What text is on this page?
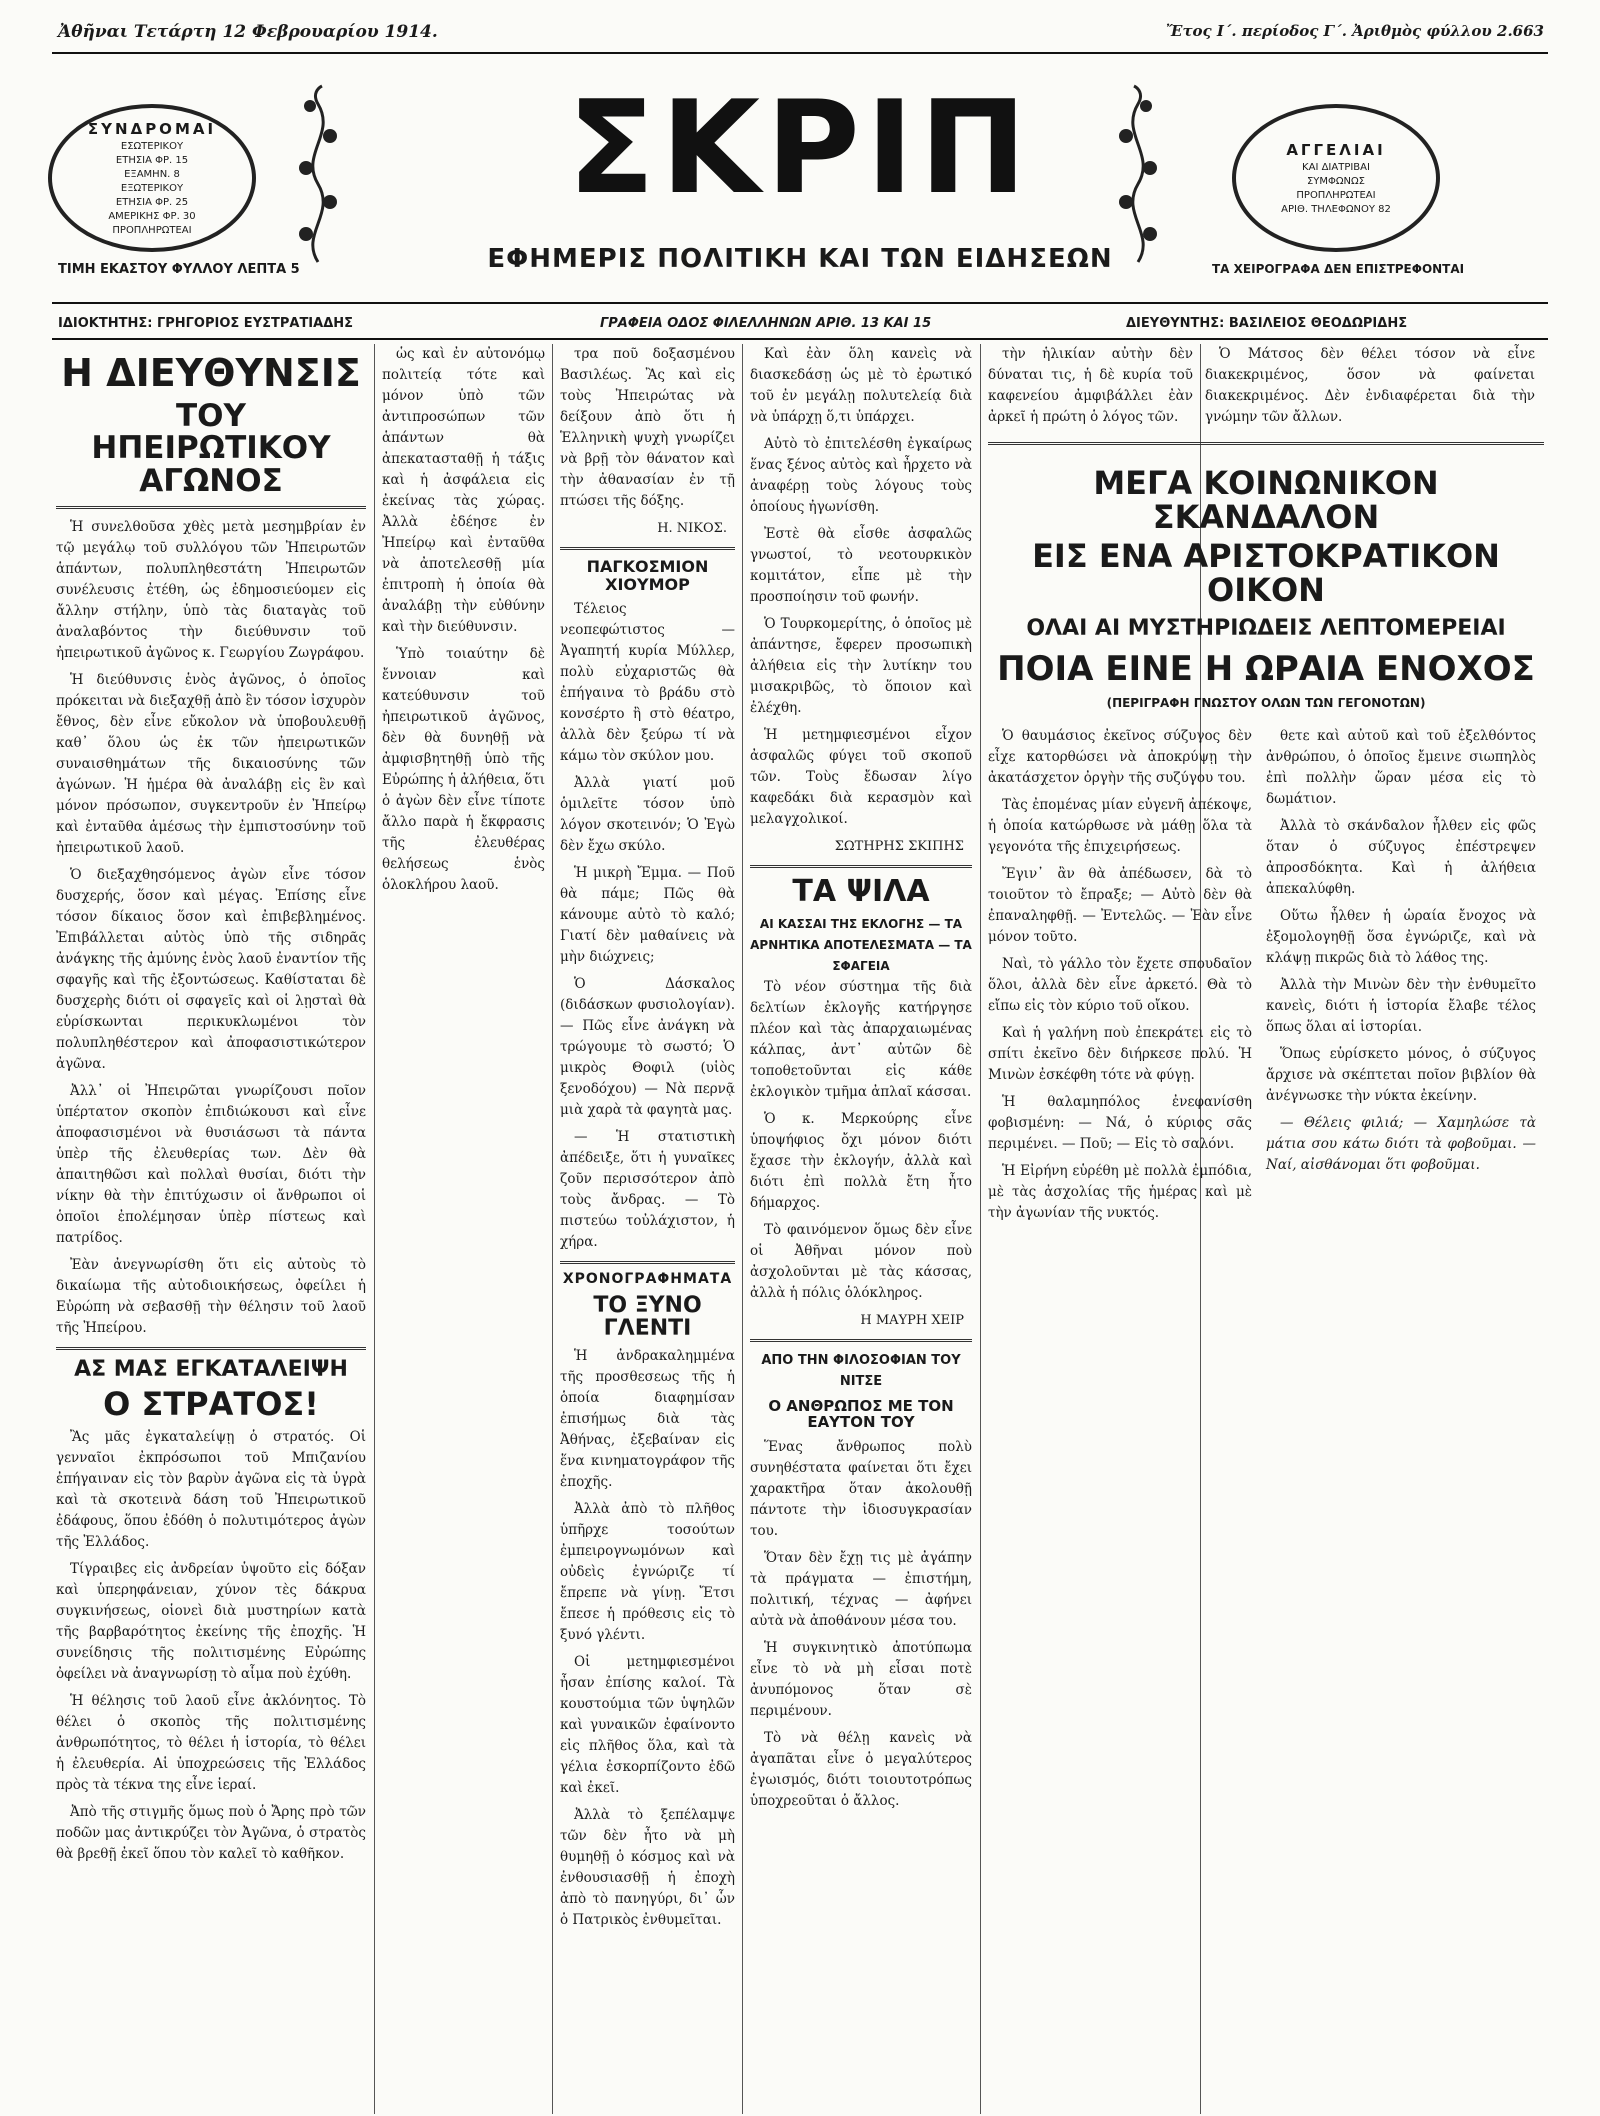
Ἀθῆναι Τετάρτη 12 Φεβρουαρίου 1914.	Ἔτος Ι΄. περίοδος Γ΄. Ἀριθμὸς φύλλου 2.663
ΣΥΝΔΡΟΜΑΙ
ΕΣΩΤΕΡΙΚΟΥ
ΕΤΗΣΙΑ ΦΡ. 15
ΕΞΑΜΗΝ. 8
ΕΞΩΤΕΡΙΚΟΥ
ΕΤΗΣΙΑ ΦΡ. 25
ΑΜΕΡΙΚΗΣ ΦΡ. 30
ΠΡΟΠΛΗΡΩΤΕΑΙ
ΣΚΡΙΠ
ΕΦΗΜΕΡΙΣ ΠΟΛΙΤΙΚΗ ΚΑΙ ΤΩΝ ΕΙΔΗΣΕΩΝ
ΑΓΓΕΛΙΑΙ
ΚΑΙ ΔΙΑΤΡΙΒΑΙ
ΣΥΜΦΩΝΩΣ
ΠΡΟΠΛΗΡΩΤΕΑΙ
ΑΡΙΘ. ΤΗΛΕΦΩΝΟΥ 82
ΤΙΜΗ ΕΚΑΣΤΟΥ ΦΥΛΛΟΥ ΛΕΠΤΑ 5	ΤΑ ΧΕΙΡΟΓΡΑΦΑ ΔΕΝ ΕΠΙΣΤΡΕΦΟΝΤΑΙ
ΙΔΙΟΚΤΗΤΗΣ: ΓΡΗΓΟΡΙΟΣ ΕΥΣΤΡΑΤΙΑΔΗΣ	ΓΡΑΦΕΙΑ ΟΔΟΣ ΦΙΛΕΛΛΗΝΩΝ ΑΡΙΘ. 13 ΚΑΙ 15	ΔΙΕΥΘΥΝΤΗΣ: ΒΑΣΙΛΕΙΟΣ ΘΕΟΔΩΡΙΔΗΣ
Η ΔΙΕΥΘΥΝΣΙΣ
ΤΟΥ ΗΠΕΙΡΩΤΙΚΟΥ ΑΓΩΝΟΣ

Ἡ συνελθοῦσα χθὲς μετὰ μεσημβρίαν ἐν τῷ μεγάλῳ τοῦ συλλόγου τῶν Ἠπειρωτῶν ἁπάντων, πολυπληθεστάτη Ἠπειρωτῶν συνέλευσις ἐτέθη, ὡς ἐδημοσιεύομεν εἰς ἄλλην στήλην, ὑπὸ τὰς διαταγὰς τοῦ ἀναλαβόντος τὴν διεύθυνσιν τοῦ ἠπειρωτικοῦ ἀγῶνος κ. Γεωργίου Ζωγράφου.

Ἡ διεύθυνσις ἑνὸς ἀγῶνος, ὁ ὁποῖος πρόκειται νὰ διεξαχθῇ ἀπὸ ἓν τόσον ἰσχυρὸν ἔθνος, δὲν εἶνε εὔκολον νὰ ὑποβουλευθῇ καθ᾿ ὅλου ὡς ἐκ τῶν ἠπειρωτικῶν συναισθημάτων τῆς δικαιοσύνης τῶν ἀγώνων. Ἡ ἡμέρα θὰ ἀναλάβῃ εἰς ἓν καὶ μόνον πρόσωπον, συγκεντροῦν ἐν Ἠπείρῳ καὶ ἐνταῦθα ἁμέσως τὴν ἐμπιστοσύνην τοῦ ἠπειρωτικοῦ λαοῦ.

Ὁ διεξαχθησόμενος ἀγὼν εἶνε τόσον δυσχερής, ὅσον καὶ μέγας. Ἐπίσης εἶνε τόσον δίκαιος ὅσον καὶ ἐπιβεβλημένος. Ἐπιβάλλεται αὐτὸς ὑπὸ τῆς σιδηρᾶς ἀνάγκης τῆς ἀμύνης ἑνὸς λαοῦ ἐναντίον τῆς σφαγῆς καὶ τῆς ἐξοντώσεως. Καθίσταται δὲ δυσχερὴς διότι οἱ σφαγεῖς καὶ οἱ λῃσταὶ θὰ εὑρίσκωνται περικυκλωμένοι τὸν πολυπληθέστερον καὶ ἀποφασιστικώτερον ἀγῶνα.

Ἀλλ᾿ οἱ Ἠπειρῶται γνωρίζουσι ποῖον ὑπέρτατον σκοπὸν ἐπιδιώκουσι καὶ εἶνε ἀποφασισμένοι νὰ θυσιάσωσι τὰ πάντα ὑπὲρ τῆς ἐλευθερίας των. Δὲν θὰ ἀπαιτηθῶσι καὶ πολλαὶ θυσίαι, διότι τὴν νίκην θὰ τὴν ἐπιτύχωσιν οἱ ἄνθρωποι οἱ ὁποῖοι ἐπολέμησαν ὑπὲρ πίστεως καὶ πατρίδος.

Ἐὰν ἀνεγνωρίσθη ὅτι εἰς αὐτοὺς τὸ δικαίωμα τῆς αὐτοδιοικήσεως, ὀφείλει ἡ Εὐρώπη νὰ σεβασθῇ τὴν θέλησιν τοῦ λαοῦ τῆς Ἠπείρου.

ΑΣ ΜΑΣ ΕΓΚΑΤΑΛΕΙΨΗ
Ο ΣΤΡΑΤΟΣ!

Ἂς μᾶς ἐγκαταλείψῃ ὁ στρατός. Οἱ γενναῖοι ἐκπρόσωποι τοῦ Μπιζανίου ἐπήγαιναν εἰς τὸν βαρὺν ἀγῶνα εἰς τὰ ὑγρὰ καὶ τὰ σκοτεινὰ δάση τοῦ Ἠπειρωτικοῦ ἐδάφους, ὅπου ἐδόθη ὁ πολυτιμότερος ἀγὼν τῆς Ἐλλάδος.

Τίγραιβες εἰς ἀνδρείαν ὑψοῦτο εἰς δόξαν καὶ ὑπερηφάνειαν, χύνον τὲς δάκρυα συγκινήσεως, οἱονεὶ διὰ μυστηρίων κατὰ τῆς βαρβαρότητος ἐκείνης τῆς ἐποχῆς. Ἡ συνείδησις τῆς πολιτισμένης Εὐρώπης ὀφείλει νὰ ἀναγνωρίσῃ τὸ αἷμα ποὺ ἐχύθη.

Ἡ θέλησις τοῦ λαοῦ εἶνε ἀκλόνητος. Τὸ θέλει ὁ σκοπὸς τῆς πολιτισμένης ἀνθρωπότητος, τὸ θέλει ἡ ἱστορία, τὸ θέλει ἡ ἐλευθερία. Αἱ ὑποχρεώσεις τῆς Ἐλλάδος πρὸς τὰ τέκνα της εἶνε ἱεραί.

Ἀπὸ τῆς στιγμῆς ὅμως ποὺ ὁ Ἄρης πρὸ τῶν ποδῶν μας ἀντικρύζει τὸν Ἀγῶνα, ὁ στρατὸς θὰ βρεθῇ ἐκεῖ ὅπου τὸν καλεῖ τὸ καθῆκον.

ὡς καὶ ἐν αὐτονόμῳ πολιτείᾳ τότε καὶ μόνον ὑπὸ τῶν ἀντιπροσώπων τῶν ἁπάντων θὰ ἀπεκατασταθῇ ἡ τάξις καὶ ἡ ἀσφάλεια εἰς ἐκείνας τὰς χώρας. Ἀλλὰ ἐδέησε ἐν Ἠπείρῳ καὶ ἐνταῦθα νὰ ἀποτελεσθῇ μία ἐπιτροπὴ ἡ ὁποία θὰ ἀναλάβῃ τὴν εὐθύνην καὶ τὴν διεύθυνσιν.

Ὑπὸ τοιαύτην δὲ ἔννοιαν καὶ κατεύθυνσιν τοῦ ἠπειρωτικοῦ ἀγῶνος, δὲν θὰ δυνηθῇ νὰ ἀμφισβητηθῇ ὑπὸ τῆς Εὐρώπης ἡ ἀλήθεια, ὅτι ὁ ἀγὼν δὲν εἶνε τίποτε ἄλλο παρὰ ἡ ἔκφρασις τῆς ἐλευθέρας θελήσεως ἑνὸς ὁλοκλήρου λαοῦ.

τρα ποῦ δοξασμένου Βασιλέως. Ἂς καὶ εἰς τοὺς Ἠπειρώτας νὰ δείξουν ἀπὸ ὅτι ἡ Ἑλληνικὴ ψυχὴ γνωρίζει νὰ βρῇ τὸν θάνατον καὶ τὴν ἀθανασίαν ἐν τῇ πτώσει τῆς δόξης.

Η. ΝΙΚΟΣ.
ΠΑΓΚΟΣΜΙΟΝ ΧΙΟΥΜΟΡ

Τέλειος νεοπεφώτιστος — Ἀγαπητή κυρία Μύλλερ, πολὺ εὐχαριστῶς θὰ ἐπήγαινα τὸ βράδυ στὸ κονσέρτο ἢ στὸ θέατρο, ἀλλὰ δὲν ξεύρω τί νὰ κάμω τὸν σκύλον μου.

Ἀλλὰ γιατί μοῦ ὁμιλεῖτε τόσον ὑπὸ λόγον σκοτεινόν; Ὁ Ἐγὼ δὲν ἔχω σκύλο.

Ἡ μικρὴ Ἔμμα. — Ποῦ θὰ πάμε; Πῶς θὰ κάνουμε αὐτὸ τὸ καλό; Γιατί δὲν μαθαίνεις νὰ μὴν διώχνεις;

Ὁ Δάσκαλος (διδάσκων φυσιολογίαν). — Πῶς εἶνε ἀνάγκη νὰ τρώγουμε τὸ σωστό; Ὁ μικρὸς Θοφιλ (υἱὸς ξενοδόχου) — Νὰ περνᾷ μιὰ χαρὰ τὰ φαγητὰ μας.

— Ἡ στατιστικὴ ἀπέδειξε, ὅτι ἡ γυναῖκες ζοῦν περισσότερον ἀπὸ τοὺς ἄνδρας. — Τὸ πιστεύω τοὐλάχιστον, ἡ χήρα.

ΧΡΟΝΟΓΡΑΦΗΜΑΤΑ
ΤΟ ΞΥΝΟ ΓΛΕΝΤΙ

Ἡ ἀνδρακαλημμένα τῆς προσθεσεως τῆς ἡ ὁποία διαφημίσαν ἐπισήμως διὰ τὰς Ἀθήνας, ἐξεβαίναν εἰς ἕνα κινηματογράφον τῆς ἐποχῆς.

Ἀλλὰ ἀπὸ τὸ πλῆθος ὑπῆρχε τοσούτων ἐμπειρογνωμόνων καὶ οὐδεὶς ἐγνώριζε τί ἔπρεπε νὰ γίνῃ. Ἔτσι ἔπεσε ἡ πρόθεσις εἰς τὸ ξυνό γλέντι.

Οἱ μετημφιεσμένοι ἦσαν ἐπίσης καλοί. Τὰ κουστούμια τῶν ὑψηλῶν καὶ γυναικῶν ἐφαίνοντο εἰς πλῆθος ὅλα, καὶ τὰ γέλια ἐσκορπίζοντο ἐδῶ καὶ ἐκεῖ.

Ἀλλὰ τὸ ξεπέλαμψε τῶν δὲν ἦτο νὰ μὴ θυμηθῇ ὁ κόσμος καὶ νὰ ἐνθουσιασθῇ ἡ ἐποχὴ ἀπὸ τὸ πανηγύρι, δι᾿ ὧν ὁ Πατρικὸς ἐνθυμεῖται.

Καὶ ἐὰν ὅλη κανεὶς νὰ διασκεδάσῃ ὡς μὲ τὸ ἐρωτικό τοῦ ἐν μεγάλῃ πολυτελείᾳ διὰ νὰ ὑπάρχῃ ὅ,τι ὑπάρχει.

Αὐτὸ τὸ ἐπιτελέσθη ἐγκαίρως ἕνας ξένος αὐτὸς καὶ ἦρχετο νὰ ἀναφέρῃ τοὺς λόγους τοὺς ὁποίους ἠγωνίσθη.

Ἐστὲ θὰ εἶσθε ἀσφαλῶς γνωστοί, τὸ νεοτουρκικὸν κομιτάτον, εἶπε μὲ τὴν προσποίησιν τοῦ φωνήν.

Ὁ Τουρκομερίτης, ὁ ὁποῖος μὲ ἀπάντησε, ἔφερεν προσωπικὴ ἀλήθεια εἰς τὴν λυτίκην του μισακριβῶς, τὸ ὅποιον καὶ ἐλέχθη.

Ἡ μετημφιεσμένοι εἶχον ἀσφαλῶς φύγει τοῦ σκοποῦ τῶν. Τοὺς ἔδωσαν λίγο καφεδάκι διὰ κερασμὸν καὶ μελαγχολικοί.

ΣΩΤΗΡΗΣ ΣΚΙΠΗΣ
ΤΑ ΨΙΛΑ
ΑΙ ΚΑΣΣΑΙ ΤΗΣ ΕΚΛΟΓΗΣ — ΤΑ ΑΡΝΗΤΙΚΑ ΑΠΟΤΕΛΕΣΜΑΤΑ — ΤΑ ΣΦΑΓΕΙΑ

Τὸ νέον σύστημα τῆς διὰ δελτίων ἐκλογῆς κατήργησε πλέον καὶ τὰς ἀπαρχαιωμένας κάλπας, ἀντ᾿ αὐτῶν δὲ τοποθετοῦνται εἰς κάθε ἐκλογικὸν τμῆμα ἀπλαῖ κάσσαι.

Ὁ κ. Μερκούρης εἶνε ὑποψήφιος ὄχι μόνον διότι ἔχασε τὴν ἐκλογήν, ἀλλὰ καὶ διότι ἐπὶ πολλὰ ἔτη ἦτο δήμαρχος.

Τὸ φαινόμενον ὅμως δὲν εἶνε οἱ Ἀθῆναι μόνον ποὺ ἀσχολοῦνται μὲ τὰς κάσσας, ἀλλὰ ἡ πόλις ὁλόκληρος.

Η ΜΑΥΡΗ ΧΕΙΡ
ΑΠΟ ΤΗΝ ΦΙΛΟΣΟΦΙΑΝ ΤΟΥ ΝΙΤΣΕ
Ο ΑΝΘΡΩΠΟΣ ΜΕ ΤΟΝ ΕΑΥΤΟΝ ΤΟΥ

Ἕνας ἄνθρωπος πολὺ συνηθέστατα φαίνεται ὅτι ἔχει χαρακτῆρα ὅταν ἀκολουθῇ πάντοτε τὴν ἰδιοσυγκρασίαν του.

Ὅταν δὲν ἔχῃ τις μὲ ἀγάπην τὰ πράγματα — ἐπιστήμη, πολιτική, τέχνας — ἀφήνει αὐτὰ νὰ ἀποθάνουν μέσα του.

Ἡ συγκινητικὸ ἀποτύπωμα εἶνε τὸ νὰ μὴ εἶσαι ποτὲ ἀνυπόμονος ὅταν σὲ περιμένουν.

Τὸ νὰ θέλῃ κανεὶς νὰ ἀγαπᾶται εἶνε ὁ μεγαλύτερος ἐγωισμός, διότι τοιουτοτρόπως ὑποχρεοῦται ὁ ἄλλος.

τὴν ἡλικίαν αὐτὴν δὲν δύναται τις, ἡ δὲ κυρία τοῦ καφενείου ἀμφιβάλλει ἐὰν ἀρκεῖ ἡ πρώτη ὁ λόγος τῶν.

Ὁ Μάτσος δὲν θέλει τόσον νὰ εἶνε διακεκριμένος, ὅσον νὰ φαίνεται διακεκριμένος. Δὲν ἐνδιαφέρεται διὰ τὴν γνώμην τῶν ἄλλων.

ΜΕΓΑ ΚΟΙΝΩΝΙΚΟΝ ΣΚΑΝΔΑΛΟΝ
ΕΙΣ ΕΝΑ ΑΡΙΣΤΟΚΡΑΤΙΚΟΝ ΟΙΚΟΝ
ΟΛΑΙ ΑΙ ΜΥΣΤΗΡΙΩΔΕΙΣ ΛΕΠΤΟΜΕΡΕΙΑΙ
ΠΟΙΑ ΕΙΝΕ Η ΩΡΑΙΑ ΕΝΟΧΟΣ
(ΠΕΡΙΓΡΑΦΗ ΓΝΩΣΤΟΥ ΟΛΩΝ ΤΩΝ ΓΕΓΟΝΟΤΩΝ)

Ὁ θαυμάσιος ἐκεῖνος σύζυγος δὲν εἶχε κατορθώσει νὰ ἀποκρύψῃ τὴν ἀκατάσχετον ὀργὴν τῆς συζύγου του.

Τὰς ἐπομένας μίαν εὐγενῆ ἀπέκοψε, ἡ ὁποία κατώρθωσε νὰ μάθῃ ὅλα τὰ γεγονότα τῆς ἐπιχειρήσεως.

Ἔγιν᾿ ἂν θὰ ἀπέδωσεν, δὰ τὸ τοιοῦτον τὸ ἔπραξε; — Αὐτὸ δὲν θὰ ἐπαναληφθῇ. — Ἐντελῶς. — Ἐὰν εἶνε μόνον τοῦτο.

Ναὶ, τὸ γάλλο τὸν ἔχετε σπουδαῖον ὅλοι, ἀλλὰ δὲν εἶνε ἀρκετό. Θὰ τὸ εἴπω εἰς τὸν κύριο τοῦ οἴκου.

Καὶ ἡ γαλήνη ποὺ ἐπεκράτει εἰς τὸ σπίτι ἐκεῖνο δὲν διήρκεσε πολύ. Ἡ Μινὼν ἐσκέφθη τότε νὰ φύγῃ.

Ἡ θαλαμηπόλος ἐνεφανίσθη φοβισμένη: — Νά, ὁ κύριος σᾶς περιμένει. — Ποῦ; — Εἰς τὸ σαλόνι.

Ἡ Εἰρήνη εὑρέθη μὲ πολλὰ ἐμπόδια, μὲ τὰς ἀσχολίας τῆς ἡμέρας καὶ μὲ τὴν ἀγωνίαν τῆς νυκτός.

θετε καὶ αὐτοῦ καὶ τοῦ ἐξελθόντος ἀνθρώπου, ὁ ὁποῖος ἔμεινε σιωπηλὸς ἐπὶ πολλὴν ὥραν μέσα εἰς τὸ δωμάτιον.

Ἀλλὰ τὸ σκάνδαλον ἦλθεν εἰς φῶς ὅταν ὁ σύζυγος ἐπέστρεψεν ἀπροσδόκητα. Καὶ ἡ ἀλήθεια ἀπεκαλύφθη.

Οὕτω ἦλθεν ἡ ὡραία ἔνοχος νὰ ἐξομολογηθῇ ὅσα ἐγνώριζε, καὶ νὰ κλάψῃ πικρῶς διὰ τὸ λάθος της.

Ἀλλὰ τὴν Μινὼν δὲν τὴν ἐνθυμεῖτο κανεὶς, διότι ἡ ἱστορία ἔλαβε τέλος ὅπως ὅλαι αἱ ἱστορίαι.

Ὅπως εὑρίσκετο μόνος, ὁ σύζυγος ἄρχισε νὰ σκέπτεται ποῖον βιβλίον θὰ ἀνέγνωσκε τὴν νύκτα ἐκείνην.

— Θέλεις φιλιά; — Χαμηλώσε τὰ μάτια σου κάτω διότι τὰ φοβοῦμαι. — Ναί, αἰσθάνομαι ὅτι φοβοῦμαι.
